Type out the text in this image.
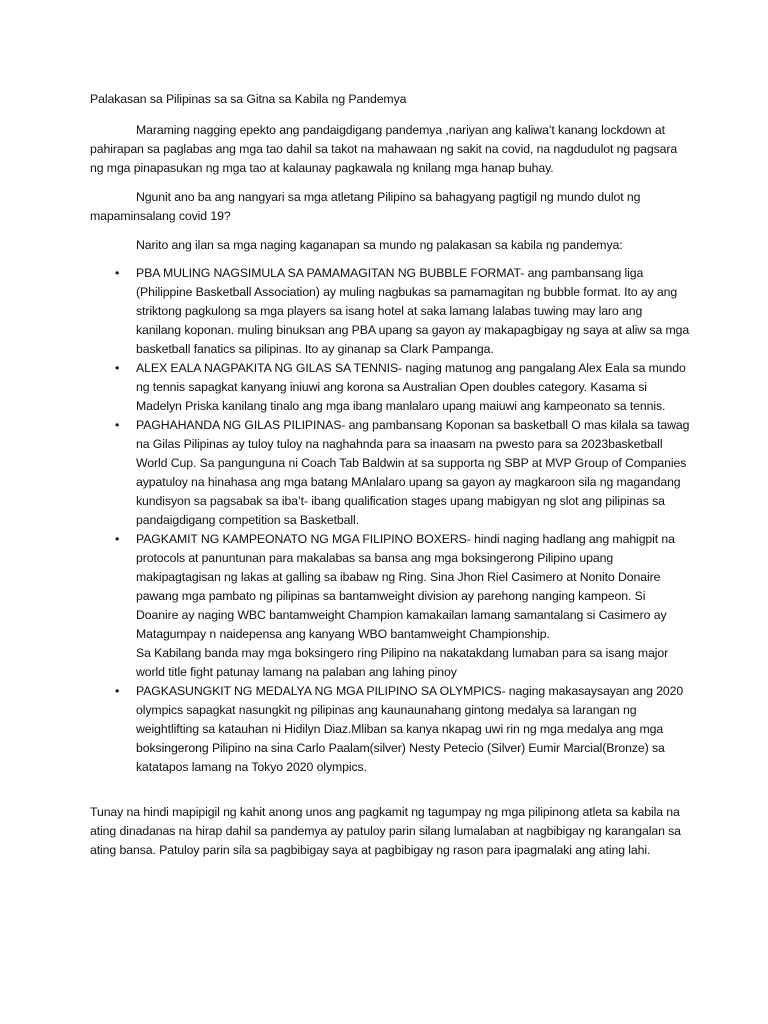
Palakasan sa Pilipinas sa sa Gitna sa Kabila ng Pandemya
Maraming nagging epekto ang pandaigdigang pandemya ,nariyan ang kaliwa’t kanang lockdown at pahirapan sa paglabas ang mga tao dahil sa takot na mahawaan ng sakit na covid, na nagdudulot ng pagsara ng mga pinapasukan ng mga tao at kalaunay pagkawala ng knilang mga hanap buhay.
Ngunit ano ba ang nangyari sa mga atletang Pilipino sa bahagyang pagtigil ng mundo dulot ng mapaminsalang covid 19?
Narito ang ilan sa mga naging kaganapan sa mundo ng palakasan sa kabila ng pandemya:
• PBA MULING NAGSIMULA SA PAMAMAGITAN NG BUBBLE FORMAT- ang pambansang liga (Philippine Basketball Association) ay muling nagbukas sa pamamagitan ng bubble format. Ito ay ang striktong pagkulong sa mga players sa isang hotel at saka lamang lalabas tuwing may laro ang kanilang koponan. muling binuksan ang PBA upang sa gayon ay makapagbigay ng saya at aliw sa mga basketball fanatics sa pilipinas. Ito ay ginanap sa Clark Pampanga.
• ALEX EALA NAGPAKITA NG GILAS SA TENNIS- naging matunog ang pangalang Alex Eala sa mundo ng tennis sapagkat kanyang iniuwi ang korona sa Australian Open doubles category. Kasama si Madelyn Priska kanilang tinalo ang mga ibang manlalaro upang maiuwi ang kampeonato sa tennis.
• PAGHAHANDA NG GILAS PILIPINAS- ang pambansang Koponan sa basketball O mas kilala sa tawag na Gilas Pilipinas ay tuloy tuloy na naghahnda para sa inaasam na pwesto para sa 2023basketball World Cup. Sa pangunguna ni Coach Tab Baldwin at sa supporta ng SBP at MVP Group of Companies aypatuloy na hinahasa ang mga batang MAnlalaro upang sa gayon ay magkaroon sila ng magandang kundisyon sa pagsabak sa iba’t- ibang qualification stages upang mabigyan ng slot ang pilipinas sa pandaigdigang competition sa Basketball.
• PAGKAMIT NG KAMPEONATO NG MGA FILIPINO BOXERS- hindi naging hadlang ang mahigpit na protocols at panuntunan para makalabas sa bansa ang mga boksingerong Pilipino upang makipagtagisan ng lakas at galling sa ibabaw ng Ring. Sina Jhon Riel Casimero at Nonito Donaire pawang mga pambato ng pilipinas sa bantamweight division ay parehong nanging kampeon. Si Doanire ay naging WBC bantamweight Champion kamakailan lamang samantalang si Casimero ay Matagumpay n naidepensa ang kanyang WBO bantamweight Championship.
Sa Kabilang banda may mga boksingero ring Pilipino na nakatakdang lumaban para sa isang major world title fight patunay lamang na palaban ang lahing pinoy
• PAGKASUNGKIT NG MEDALYA NG MGA PILIPINO SA OLYMPICS- naging makasaysayan ang 2020 olympics sapagkat nasungkit ng pilipinas ang kaunaunahang gintong medalya sa larangan ng weightlifting sa katauhan ni Hidilyn Diaz.Mliban sa kanya nkapag uwi rin ng mga medalya ang mga boksingerong Pilipino na sina Carlo Paalam(silver) Nesty Petecio (Silver) Eumir Marcial(Bronze) sa katatapos lamang na Tokyo 2020 olympics.
Tunay na hindi mapipigil ng kahit anong unos ang pagkamit ng tagumpay ng mga pilipinong atleta sa kabila na ating dinadanas na hirap dahil sa pandemya ay patuloy parin silang lumalaban at nagbibigay ng karangalan sa ating bansa. Patuloy parin sila sa pagbibigay saya at pagbibigay ng rason para ipagmalaki ang ating lahi.
